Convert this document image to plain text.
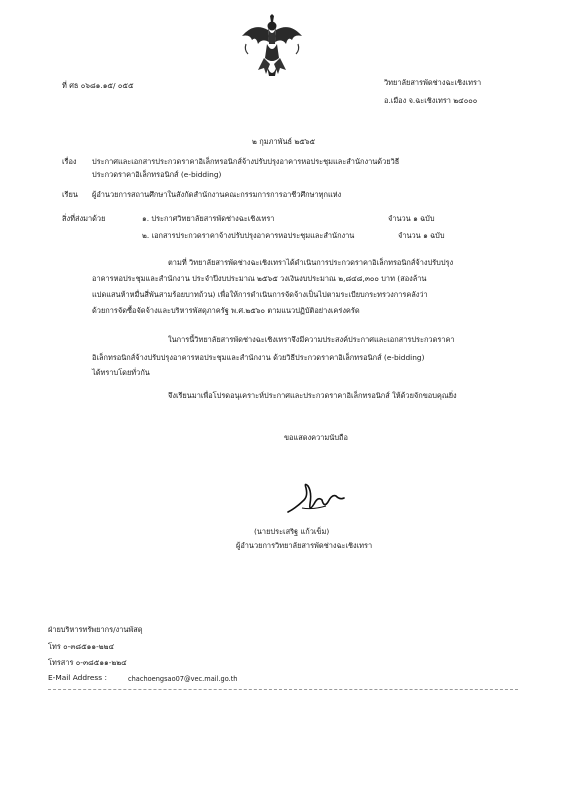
ที่ ศธ ๐๖๘๑.๑๕/ ๐๕๕	วิทยาลัยสารพัดช่างฉะเชิงเทรา
อ.เมือง จ.ฉะเชิงเทรา ๒๔๐๐๐
๒ กุมภาพันธ์ ๒๕๖๕
เรื่อง ประกาศและเอกสารประกวดราคาอิเล็กทรอนิกส์จ้างปรับปรุงอาคารหอประชุมและสำนักงานด้วยวิธี
ประกวดราคาอิเล็กทรอนิกส์ (e-bidding)
เรียน ผู้อำนวยการสถานศึกษาในสังกัดสำนักงานคณะกรรมการการอาชีวศึกษาทุกแห่ง
สิ่งที่ส่งมาด้วย	๑. ประกาศวิทยาลัยสารพัดช่างฉะเชิงเทรา	จำนวน ๑ ฉบับ
๒. เอกสารประกวดราคาจ้างปรับปรุงอาคารหอประชุมและสำนักงาน	จำนวน ๑ ฉบับ
ตามที่ วิทยาลัยสารพัดช่างฉะเชิงเทราได้ดำเนินการประกวดราคาอิเล็กทรอนิกส์จ้างปรับปรุง
อาคารหอประชุมและสำนักงาน ประจำปีงบประมาณ ๒๕๖๕ วงเงินงบประมาณ ๒,๘๔๘,๓๐๐ บาท (สองล้าน
แปดแสนห้าหมื่นสี่พันสามร้อยบาทถ้วน) เพื่อให้การดำเนินการจัดจ้างเป็นไปตามระเบียบกระทรวงการคลังว่า
ด้วยการจัดซื้อจัดจ้างและบริหารพัสดุภาครัฐ พ.ศ.๒๕๖๐ ตามแนวปฏิบัติอย่างเคร่งครัด
ในการนี้วิทยาลัยสารพัดช่างฉะเชิงเทราจึงมีความประสงค์ประกาศและเอกสารประกวดราคา
อิเล็กทรอนิกส์จ้างปรับปรุงอาคารหอประชุมและสำนักงาน ด้วยวิธีประกวดราคาอิเล็กทรอนิกส์ (e-bidding)
ได้ทราบโดยทั่วกัน
จึงเรียนมาเพื่อโปรดอนุเคราะห์ประกาศและประกวดราคาอิเล็กทรอนิกส์ ให้ด้วยจักขอบคุณยิ่ง
ขอแสดงความนับถือ
(นายประเสริฐ แก้วเข็ม)
ผู้อำนวยการวิทยาลัยสารพัดช่างฉะเชิงเทรา
ฝ่ายบริหารทรัพยากร/งานพัสดุ
โทร ๐-๓๘๕๑๑-๒๒๔
โทรสาร ๐-๓๘๕๑๑-๒๒๔
E-Mail Address :	chachoengsao07@vec.mail.go.th
